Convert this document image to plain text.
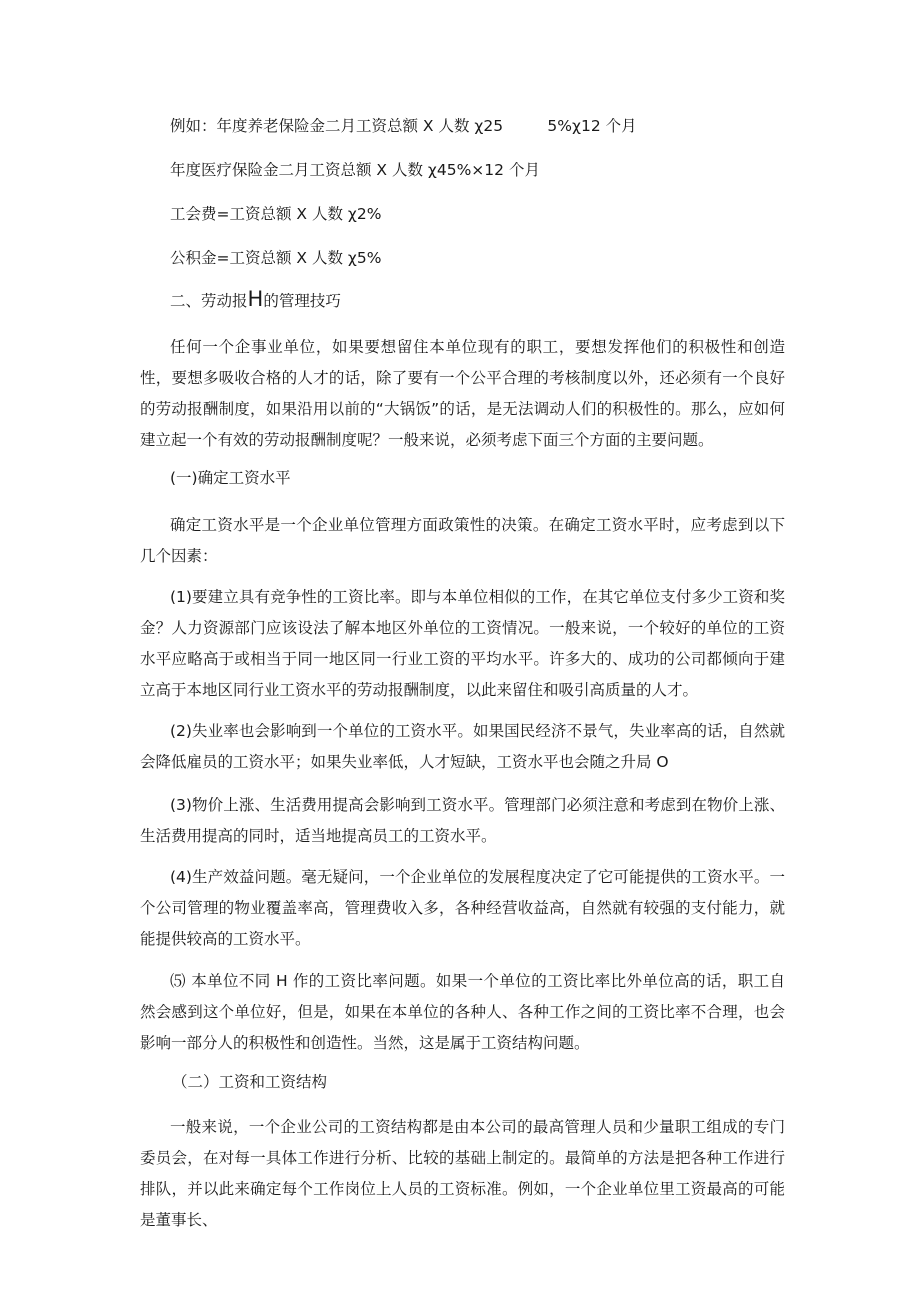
例如：年度养老保险金二月工资总额 X 人数 χ25         5%χ12 个月
年度医疗保险金二月工资总额 X 人数 χ45%×12 个月
工会费=工资总额 X 人数 χ2%
公积金=工资总额 X 人数 χ5%
二、劳动报H的管理技巧
任何一个企事业单位，如果要想留住本单位现有的职工，要想发挥他们的积极性和创造性，要想多吸收合格的人才的话，除了要有一个公平合理的考核制度以外，还必须有一个良好的劳动报酬制度，如果沿用以前的“大锅饭”的话，是无法调动人们的积极性的。那么，应如何建立起一个有效的劳动报酬制度呢？一般来说，必须考虑下面三个方面的主要问题。
(一)确定工资水平
确定工资水平是一个企业单位管理方面政策性的决策。在确定工资水平时，应考虑到以下几个因素：
(1)要建立具有竞争性的工资比率。即与本单位相似的工作，在其它单位支付多少工资和奖金？人力资源部门应该设法了解本地区外单位的工资情况。一般来说，一个较好的单位的工资水平应略高于或相当于同一地区同一行业工资的平均水平。许多大的、成功的公司都倾向于建立高于本地区同行业工资水平的劳动报酬制度，以此来留住和吸引高质量的人才。
(2)失业率也会影响到一个单位的工资水平。如果国民经济不景气，失业率高的话，自然就会降低雇员的工资水平；如果失业率低，人才短缺，工资水平也会随之升局 O
(3)物价上涨、生活费用提高会影响到工资水平。管理部门必须注意和考虑到在物价上涨、生活费用提高的同时，适当地提高员工的工资水平。
(4)生产效益问题。毫无疑问，一个企业单位的发展程度决定了它可能提供的工资水平。一个公司管理的物业覆盖率高，管理费收入多，各种经营收益高，自然就有较强的支付能力，就能提供较高的工资水平。
⑸ 本单位不同 H 作的工资比率问题。如果一个单位的工资比率比外单位高的话，职工自然会感到这个单位好，但是，如果在本单位的各种人、各种工作之间的工资比率不合理，也会影响一部分人的积极性和创造性。当然，这是属于工资结构问题。
（二）工资和工资结构
一般来说，一个企业公司的工资结构都是由本公司的最高管理人员和少量职工组成的专门委员会，在对每一具体工作进行分析、比较的基础上制定的。最简单的方法是把各种工作进行排队，并以此来确定每个工作岗位上人员的工资标准。例如，一个企业单位里工资最高的可能是董事长、
